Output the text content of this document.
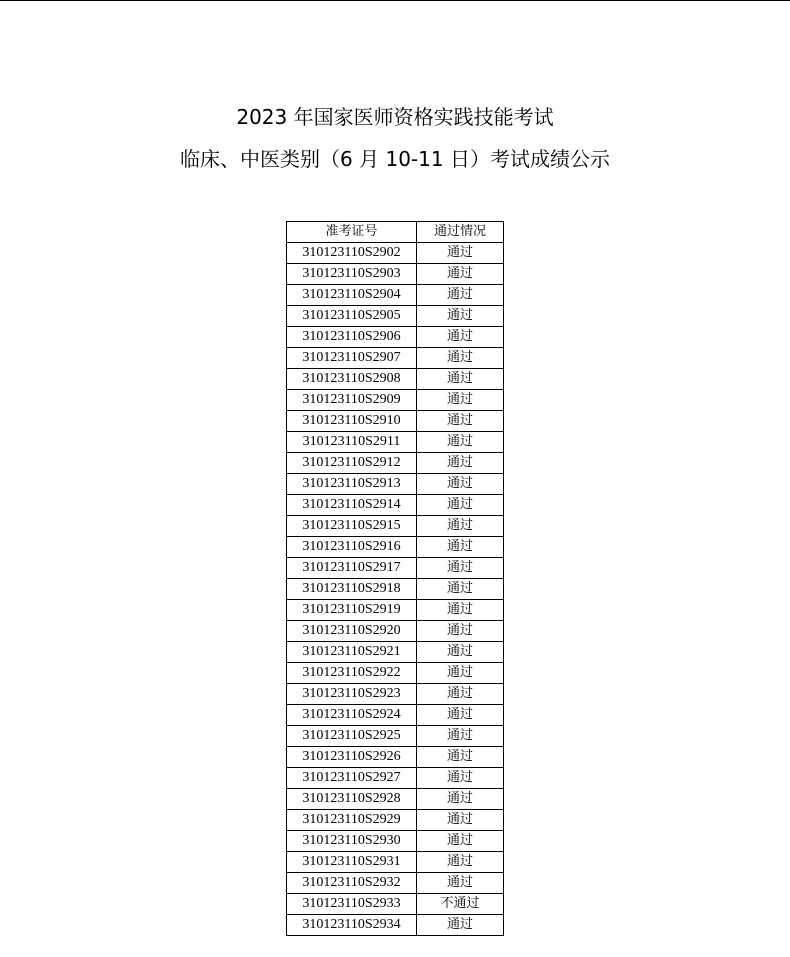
2023 年国家医师资格实践技能考试
临床、中医类别（6 月 10-11 日）考试成绩公示
准考证号	通过情况
310123110S2902	通过
310123110S2903	通过
310123110S2904	通过
310123110S2905	通过
310123110S2906	通过
310123110S2907	通过
310123110S2908	通过
310123110S2909	通过
310123110S2910	通过
310123110S2911	通过
310123110S2912	通过
310123110S2913	通过
310123110S2914	通过
310123110S2915	通过
310123110S2916	通过
310123110S2917	通过
310123110S2918	通过
310123110S2919	通过
310123110S2920	通过
310123110S2921	通过
310123110S2922	通过
310123110S2923	通过
310123110S2924	通过
310123110S2925	通过
310123110S2926	通过
310123110S2927	通过
310123110S2928	通过
310123110S2929	通过
310123110S2930	通过
310123110S2931	通过
310123110S2932	通过
310123110S2933	不通过
310123110S2934	通过
